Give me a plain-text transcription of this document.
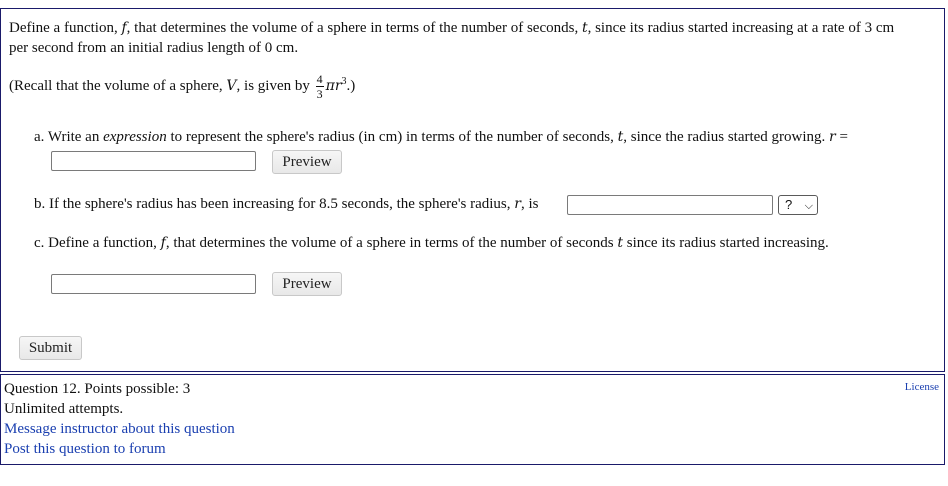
Define a function, f, that determines the volume of a sphere in terms of the number of seconds, t, since its radius started increasing at a rate of 3 cm
per second from an initial radius length of 0 cm.
(Recall that the volume of a sphere, V, is given by $\frac{4}{3} \pi r^3$.)
a. Write an expression to represent the sphere's radius (in cm) in terms of the number of seconds, t, since the radius started growing. r =
Preview
b. If the sphere's radius has been increasing for 8.5 seconds, the sphere's radius, r, is	? ⌵
c. Define a function, f, that determines the volume of a sphere in terms of the number of seconds t since its radius started increasing.
Preview
Submit
Question 12. Points possible: 3
Unlimited attempts.
Message instructor about this question
Post this question to forum
License
